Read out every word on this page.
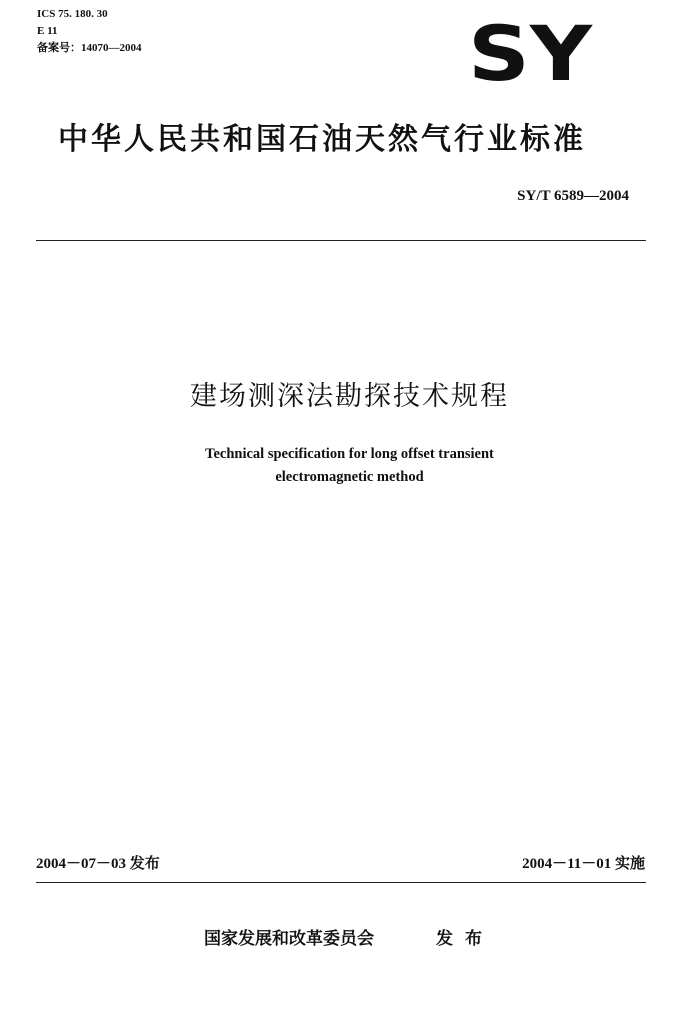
ICS 75. 180. 30
E 11
备案号：14070—2004	SY
中华人民共和国石油天然气行业标准
SY/T 6589—2004
建场测深法勘探技术规程
Technical specification for long offset transient
electromagnetic method
2004－07－03 发布	2004－11－01 实施
国家发展和改革委员会	发布
